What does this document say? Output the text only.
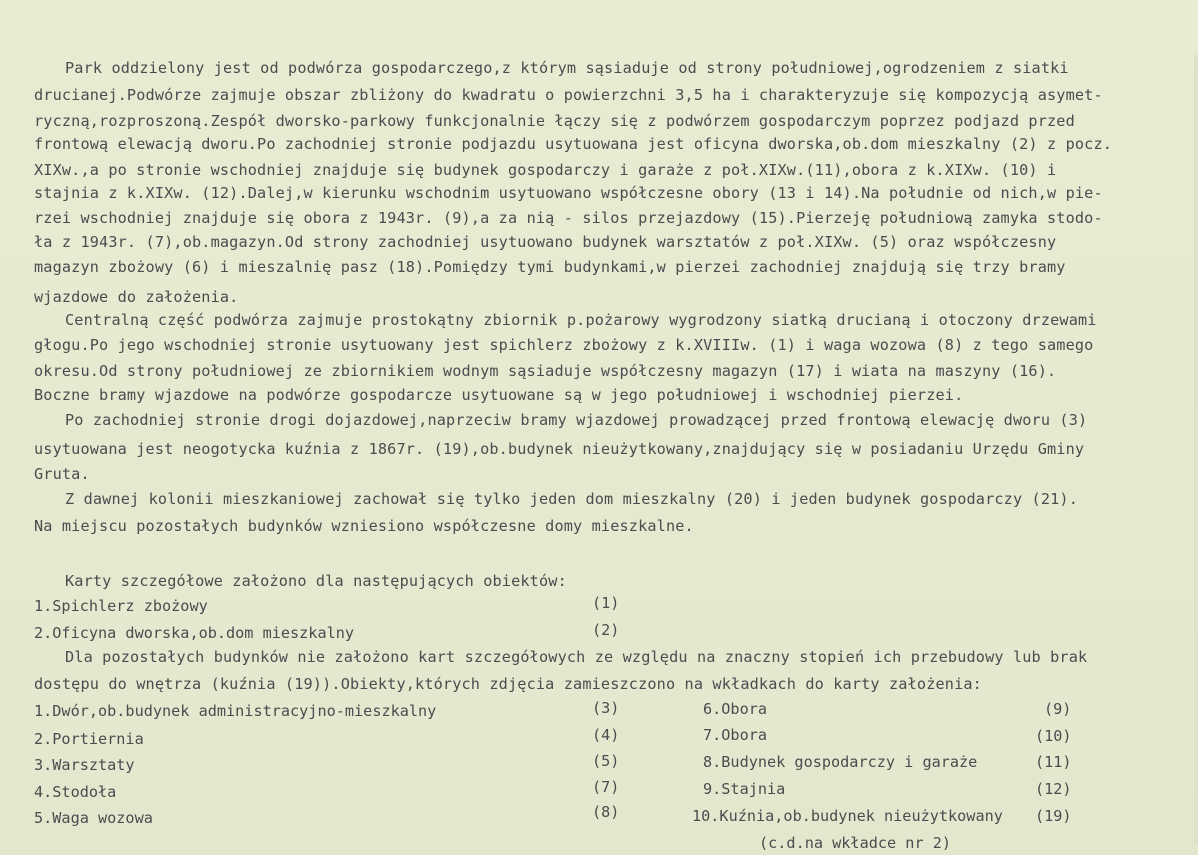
Park oddzielony jest od podwórza gospodarczego,z którym sąsiaduje od strony południowej,ogrodzeniem z siatki
drucianej.Podwórze zajmuje obszar zbliżony do kwadratu o powierzchni 3,5 ha i charakteryzuje się kompozycją asymet-
ryczną,rozproszoną.Zespół dworsko-parkowy funkcjonalnie łączy się z podwórzem gospodarczym poprzez podjazd przed
frontową elewacją dworu.Po zachodniej stronie podjazdu usytuowana jest oficyna dworska,ob.dom mieszkalny (2) z pocz.
XIXw.,a po stronie wschodniej znajduje się budynek gospodarczy i garaże z poł.XIXw.(11),obora z k.XIXw. (10) i
stajnia z k.XIXw. (12).Dalej,w kierunku wschodnim usytuowano współczesne obory (13 i 14).Na południe od nich,w pie-
rzei wschodniej znajduje się obora z 1943r. (9),a za nią - silos przejazdowy (15).Pierzeję południową zamyka stodo-
ła z 1943r. (7),ob.magazyn.Od strony zachodniej usytuowano budynek warsztatów z poł.XIXw. (5) oraz współczesny
magazyn zbożowy (6) i mieszalnię pasz (18).Pomiędzy tymi budynkami,w pierzei zachodniej znajdują się trzy bramy
wjazdowe do założenia.
Centralną część podwórza zajmuje prostokątny zbiornik p.pożarowy wygrodzony siatką drucianą i otoczony drzewami
głogu.Po jego wschodniej stronie usytuowany jest spichlerz zbożowy z k.XVIIIw. (1) i waga wozowa (8) z tego samego
okresu.Od strony południowej ze zbiornikiem wodnym sąsiaduje współczesny magazyn (17) i wiata na maszyny (16).
Boczne bramy wjazdowe na podwórze gospodarcze usytuowane są w jego południowej i wschodniej pierzei.
Po zachodniej stronie drogi dojazdowej,naprzeciw bramy wjazdowej prowadzącej przed frontową elewację dworu (3)
usytuowana jest neogotycka kuźnia z 1867r. (19),ob.budynek nieużytkowany,znajdujący się w posiadaniu Urzędu Gminy
Gruta.
Z dawnej kolonii mieszkaniowej zachował się tylko jeden dom mieszkalny (20) i jeden budynek gospodarczy (21).
Na miejscu pozostałych budynków wzniesiono współczesne domy mieszkalne.
Karty szczegółowe założono dla następujących obiektów:
1.Spichlerz zbożowy	(1)
2.Oficyna dworska,ob.dom mieszkalny	(2)
Dla pozostałych budynków nie założono kart szczegółowych ze względu na znaczny stopień ich przebudowy lub brak
dostępu do wnętrza (kuźnia (19)).Obiekty,których zdjęcia zamieszczono na wkładkach do karty założenia:
1.Dwór,ob.budynek administracyjno-mieszkalny	(3)
2.Portiernia	(4)
3.Warsztaty	(5)
4.Stodoła	(7)
5.Waga wozowa	(8)
6.Obora	(9)
7.Obora	(10)
8.Budynek gospodarczy i garaże	(11)
9.Stajnia	(12)
10.Kuźnia,ob.budynek nieużytkowany (19)
(c.d.na wkładce nr 2)
